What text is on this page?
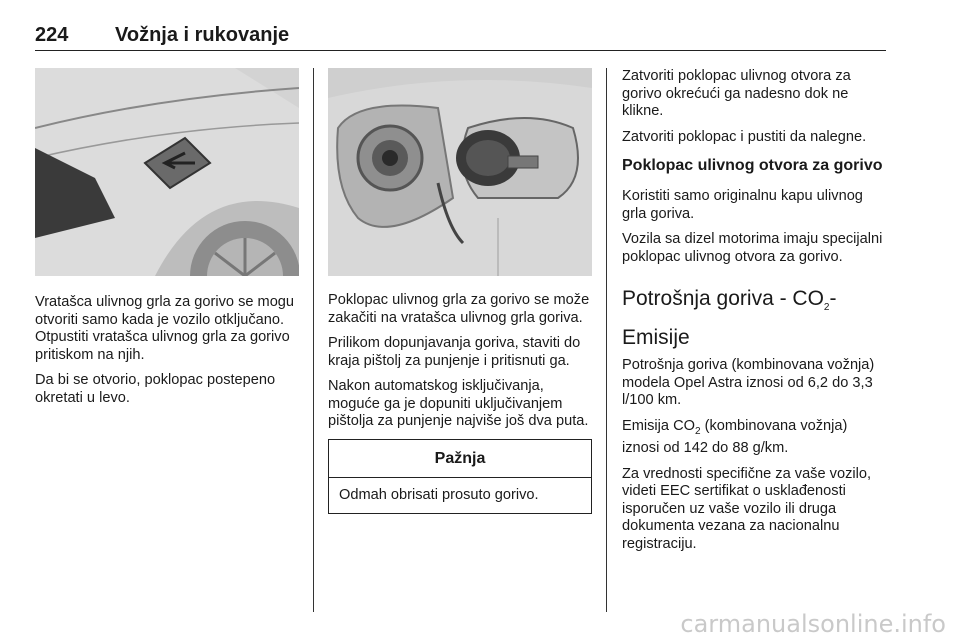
224 Vožnja i rukovanje

Vratašca ulivnog grla za gorivo se mogu otvoriti samo kada je vozilo otključano. Otpustiti vratašca ulivnog grla za gorivo pritiskom na njih.

Da bi se otvorio, poklopac postepeno okretati u levo.

Poklopac ulivnog grla za gorivo se može zakačiti na vratašca ulivnog grla goriva.

Prilikom dopunjavanja goriva, staviti do kraja pištolj za punjenje i pritisnuti ga.

Nakon automatskog isključivanja, moguće ga je dopuniti uključivanjem pištolja za punjenje najviše još dva puta.

Pažnja
Odmah obrisati prosuto gorivo.

Zatvoriti poklopac ulivnog otvora za gorivo okrećući ga nadesno dok ne klikne.

Zatvoriti poklopac i pustiti da nalegne.

Poklopac ulivnog otvora za gorivo

Koristiti samo originalnu kapu ulivnog grla goriva.

Vozila sa dizel motorima imaju specijalni poklopac ulivnog otvora za gorivo.

Potrošnja goriva - $CO_2$-Emisije

Potrošnja goriva (kombinovana vožnja) modela Opel Astra iznosi od 6,2 do 3,3 l/100 km.

Emisija $CO_2$ (kombinovana vožnja) iznosi od 142 do 88 g/km.

Za vrednosti specifične za vaše vozilo, videti EEC sertifikat o usklađenosti isporučen uz vaše vozilo ili druga dokumenta vezana za nacionalnu registraciju.

carmanualsonline.info
